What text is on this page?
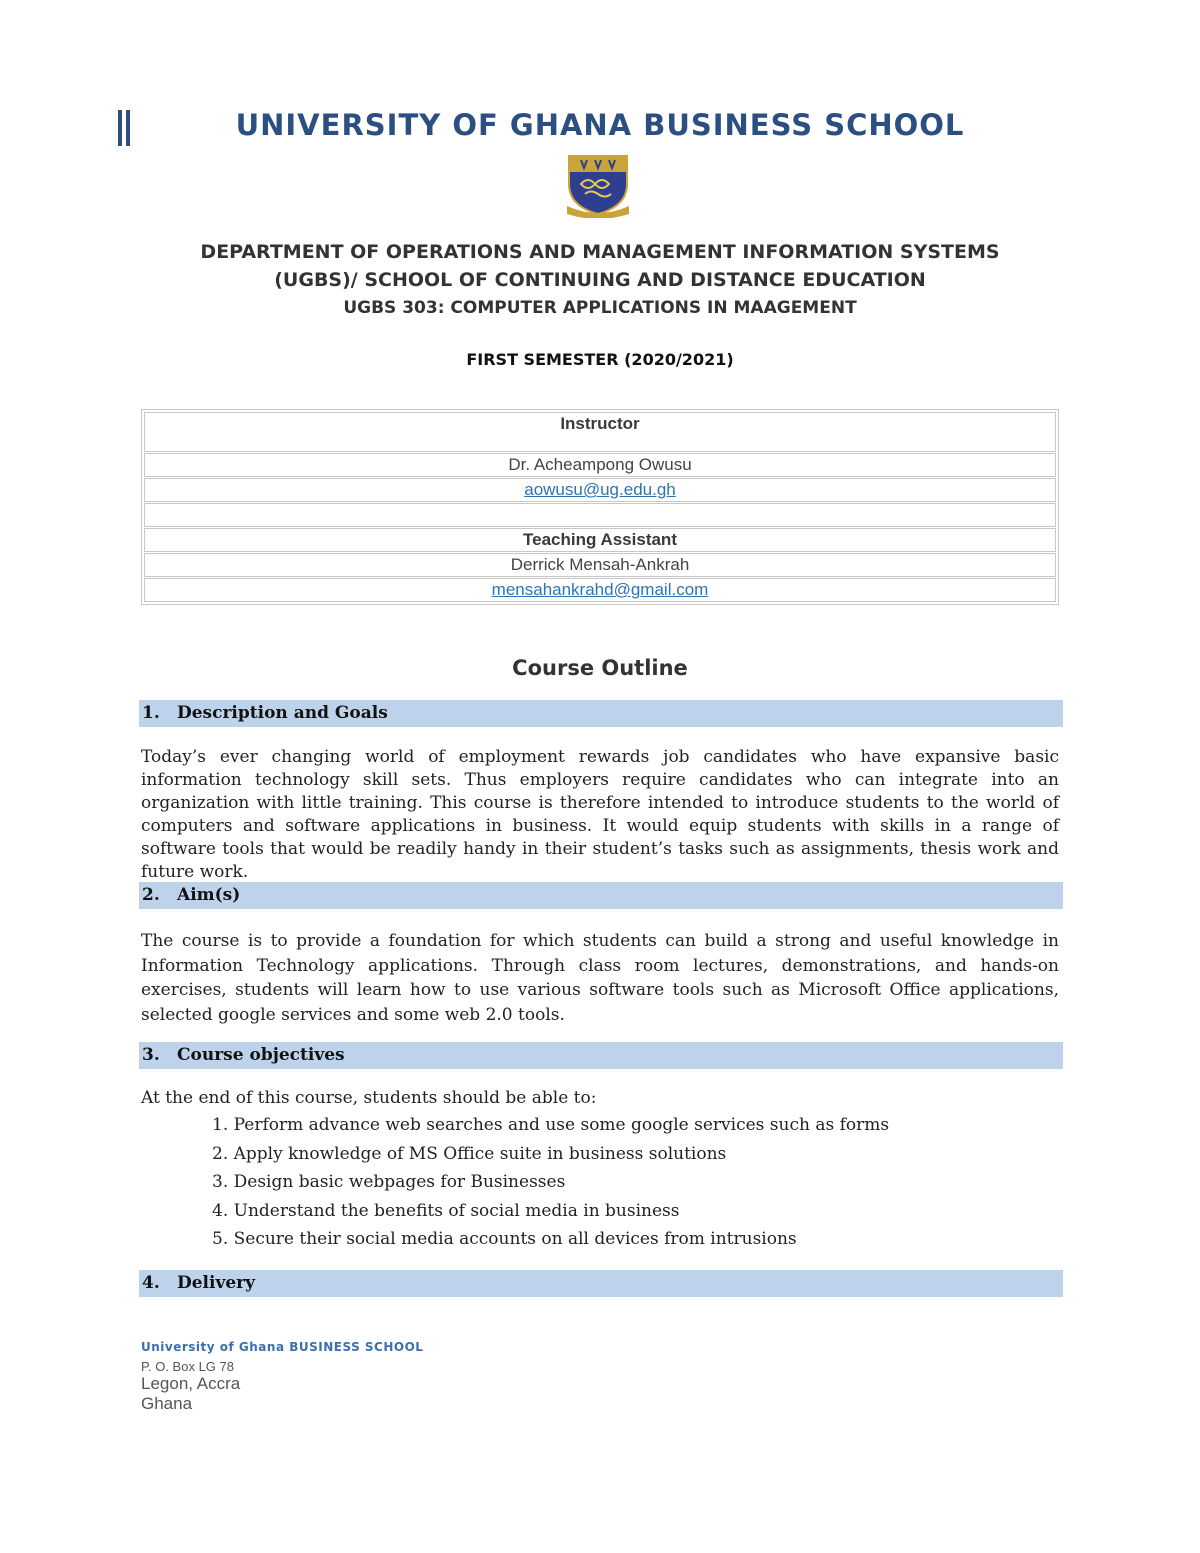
UNIVERSITY OF GHANA BUSINESS SCHOOL
DEPARTMENT OF OPERATIONS AND MANAGEMENT INFORMATION SYSTEMS
(UGBS)/ SCHOOL OF CONTINUING AND DISTANCE EDUCATION
UGBS 303: COMPUTER APPLICATIONS IN MAAGEMENT
FIRST SEMESTER (2020/2021)
Instructor
Dr. Acheampong Owusu
aowusu@ug.edu.gh
Teaching Assistant
Derrick Mensah-Ankrah
mensahankrahd@gmail.com
Course Outline
1. Description and Goals
Today’s ever changing world of employment rewards job candidates who have expansive basic information technology skill sets. Thus employers require candidates who can integrate into an organization with little training. This course is therefore intended to introduce students to the world of computers and software applications in business. It would equip students with skills in a range of software tools that would be readily handy in their student’s tasks such as assignments, thesis work and future work.
2. Aim(s)
The course is to provide a foundation for which students can build a strong and useful knowledge in Information Technology applications. Through class room lectures, demonstrations, and hands-on exercises, students will learn how to use various software tools such as Microsoft Office applications, selected google services and some web 2.0 tools.
3. Course objectives
At the end of this course, students should be able to:
1. Perform advance web searches and use some google services such as forms
2. Apply knowledge of MS Office suite in business solutions
3. Design basic webpages for Businesses
4. Understand the benefits of social media in business
5. Secure their social media accounts on all devices from intrusions
4. Delivery
University of Ghana BUSINESS SCHOOL
P. O. Box LG 78
Legon, Accra
Ghana
